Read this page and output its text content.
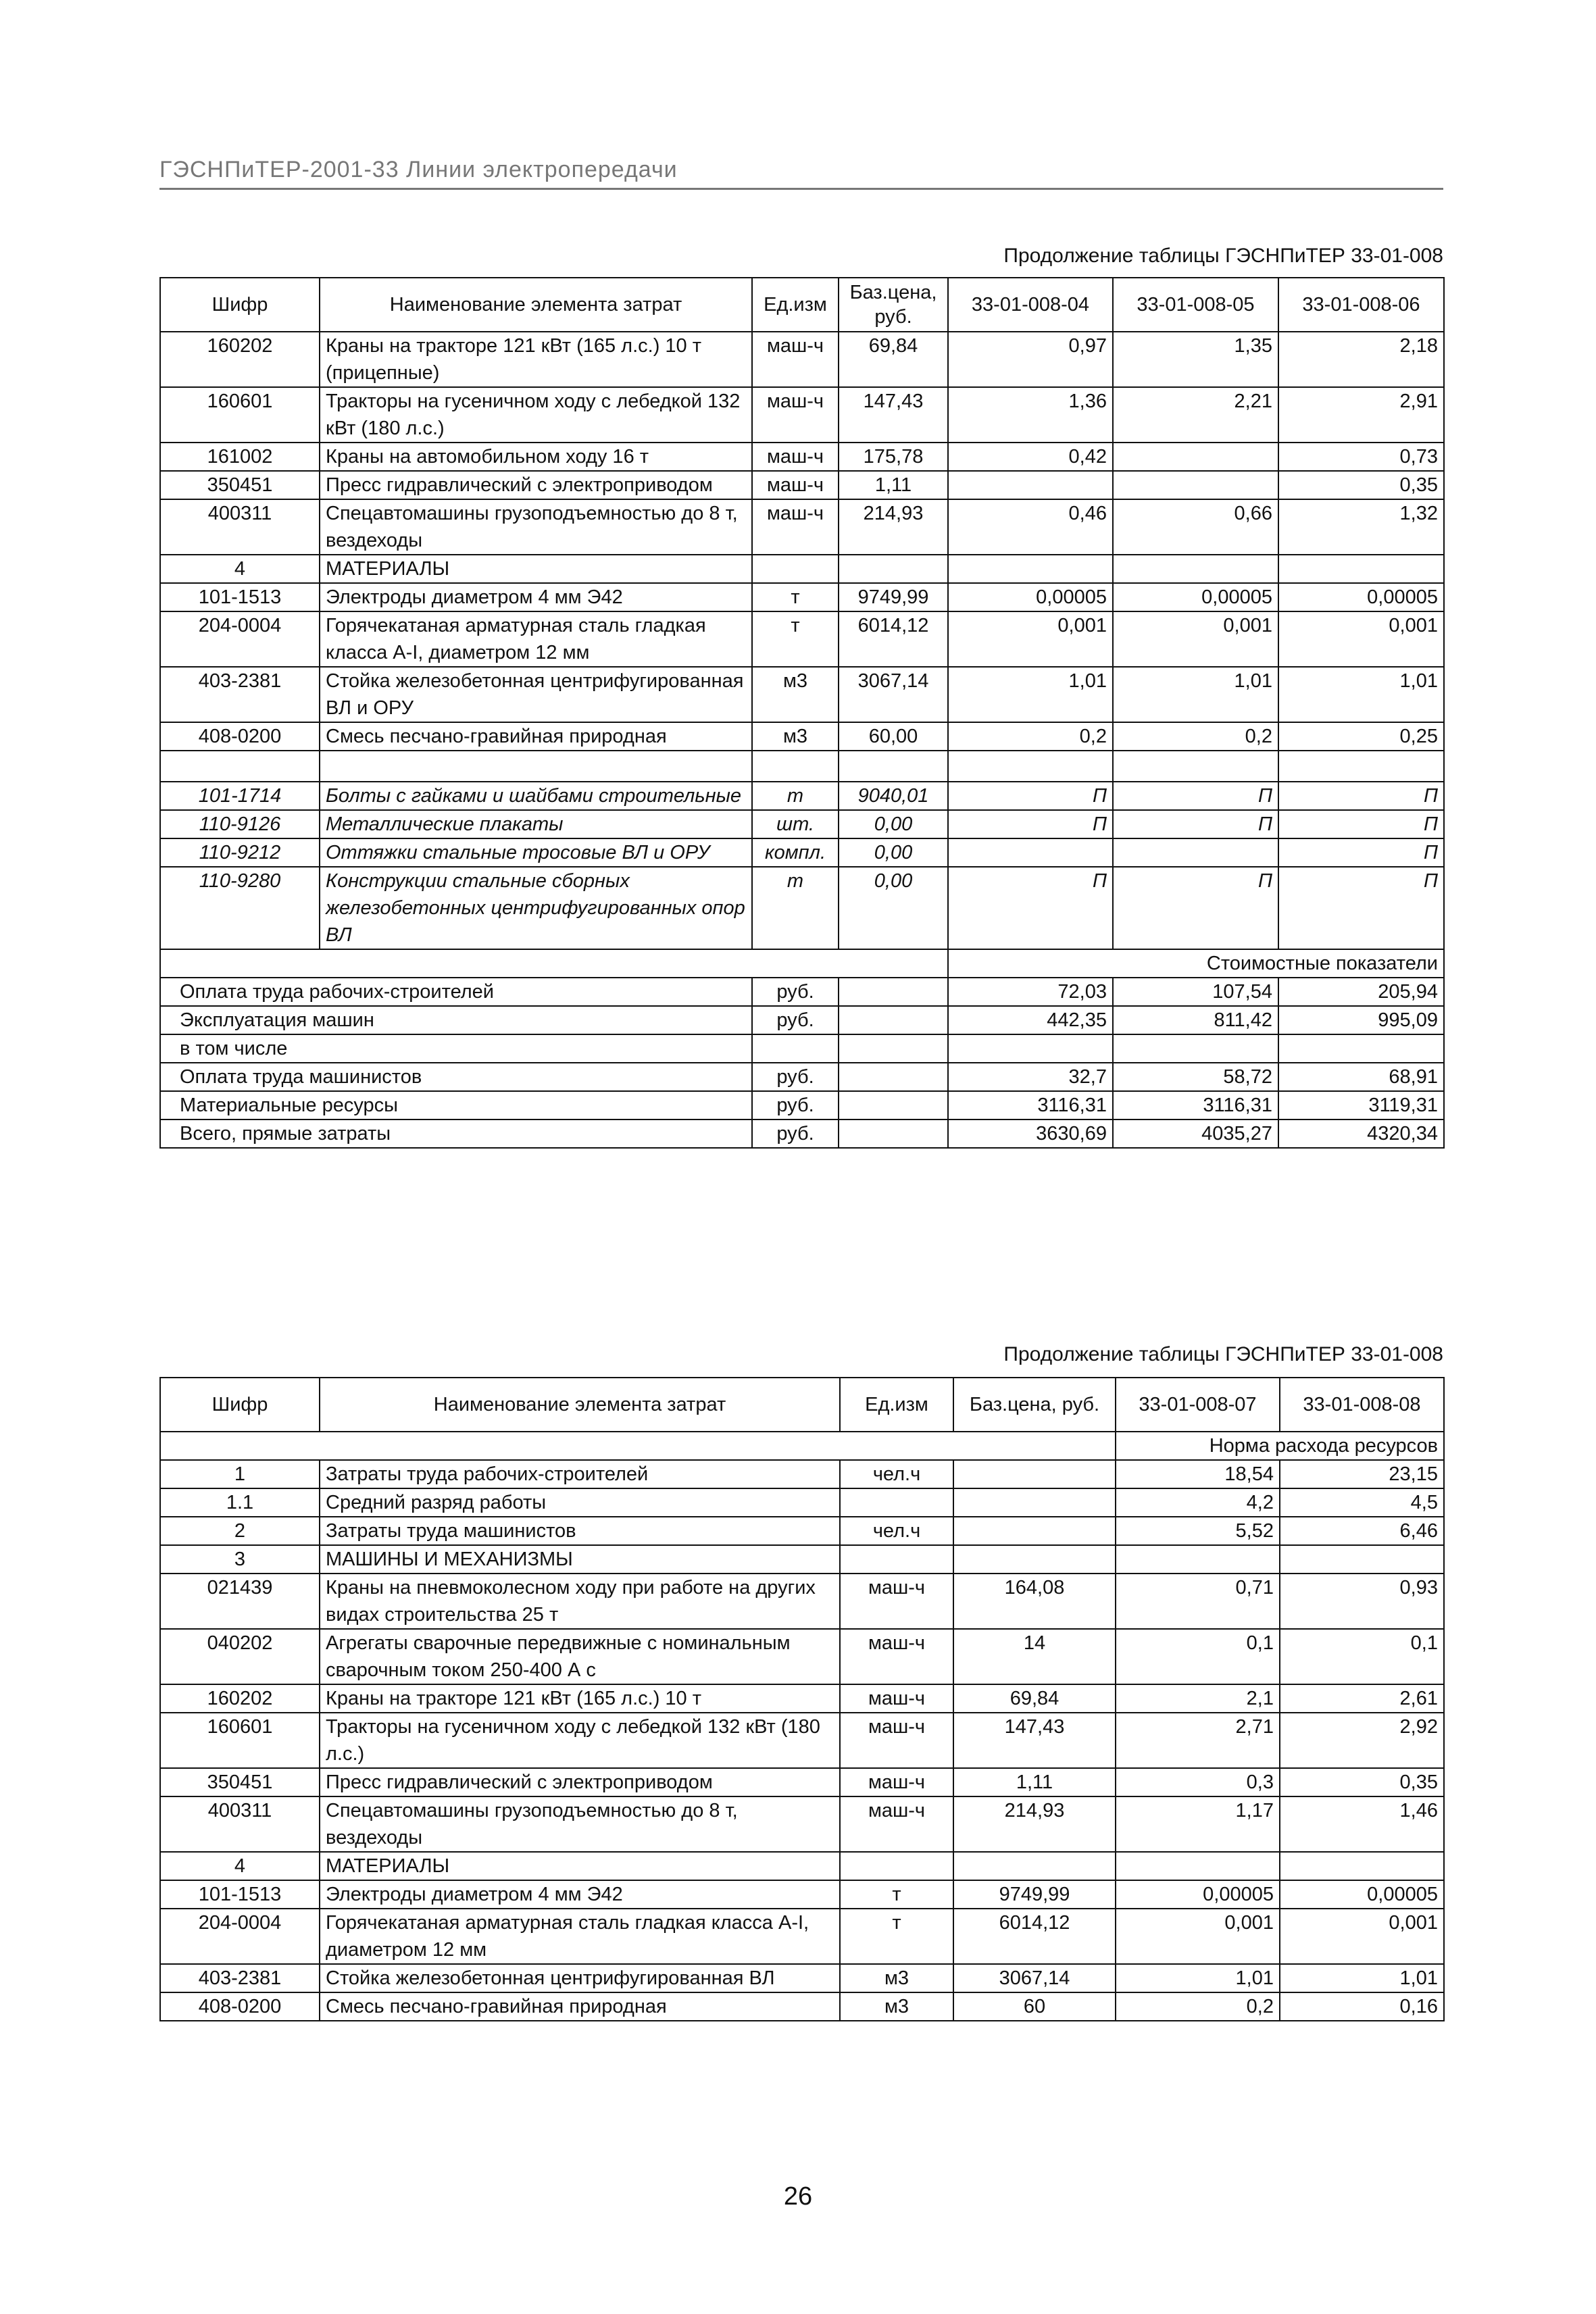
ГЭСНПиТЕР-2001-33 Линии электропередачи
Продолжение таблицы ГЭСНПиТЕР 33-01-008
Шифр	Наименование элемента затрат	Ед.изм	Баз.цена, руб.	33-01-008-04	33-01-008-05	33-01-008-06
160202	Краны на тракторе 121 кВт (165 л.с.) 10 т (прицепные)	маш-ч	69,84	0,97	1,35	2,18
160601	Тракторы на гусеничном ходу с лебедкой 132 кВт (180 л.с.)	маш-ч	147,43	1,36	2,21	2,91
161002	Краны на автомобильном ходу 16 т	маш-ч	175,78	0,42		0,73
350451	Пресс гидравлический с электроприводом	маш-ч	1,11			0,35
400311	Спецавтомашины грузоподъемностью до 8 т, вездеходы	маш-ч	214,93	0,46	0,66	1,32
4	МАТЕРИАЛЫ					
101-1513	Электроды диаметром 4 мм Э42	т	9749,99	0,00005	0,00005	0,00005
204-0004	Горячекатаная арматурная сталь гладкая класса А-I, диаметром 12 мм	т	6014,12	0,001	0,001	0,001
403-2381	Стойка железобетонная центрифугированная ВЛ и ОРУ	м3	3067,14	1,01	1,01	1,01
408-0200	Смесь песчано-гравийная природная	м3	60,00	0,2	0,2	0,25

101-1714	Болты с гайками и шайбами строительные	т	9040,01	П	П	П
110-9126	Металлические плакаты	шт.	0,00	П	П	П
110-9212	Оттяжки стальные тросовые ВЛ и ОРУ	компл.	0,00			П
110-9280	Конструкции стальные сборных железобетонных центрифугированных опор ВЛ	т	0,00	П	П	П
				Стоимостные показатели		
Оплата труда рабочих-строителей		руб.		72,03	107,54	205,94
Эксплуатация машин		руб.		442,35	811,42	995,09
в том числе						
Оплата труда машинистов		руб.		32,7	58,72	68,91
Материальные ресурсы		руб.		3116,31	3116,31	3119,31
Всего, прямые затраты		руб.		3630,69	4035,27	4320,34
Продолжение таблицы ГЭСНПиТЕР 33-01-008
Шифр	Наименование элемента затрат	Ед.изм	Баз.цена, руб.	33-01-008-07	33-01-008-08
				Норма расхода ресурсов	
1	Затраты труда рабочих-строителей	чел.ч		18,54	23,15
1.1	Средний разряд работы			4,2	4,5
2	Затраты труда машинистов	чел.ч		5,52	6,46
3	МАШИНЫ И МЕХАНИЗМЫ				
021439	Краны на пневмоколесном ходу при работе на других видах строительства 25 т	маш-ч	164,08	0,71	0,93
040202	Агрегаты сварочные передвижные с номинальным сварочным током 250-400 А с	маш-ч	14	0,1	0,1
160202	Краны на тракторе 121 кВт (165 л.с.) 10 т	маш-ч	69,84	2,1	2,61
160601	Тракторы на гусеничном ходу с лебедкой 132 кВт (180 л.с.)	маш-ч	147,43	2,71	2,92
350451	Пресс гидравлический с электроприводом	маш-ч	1,11	0,3	0,35
400311	Спецавтомашины грузоподъемностью до 8 т, вездеходы	маш-ч	214,93	1,17	1,46
4	МАТЕРИАЛЫ				
101-1513	Электроды диаметром 4 мм Э42	т	9749,99	0,00005	0,00005
204-0004	Горячекатаная арматурная сталь гладкая класса А-I, диаметром 12 мм	т	6014,12	0,001	0,001
403-2381	Стойка железобетонная центрифугированная ВЛ	м3	3067,14	1,01	1,01
408-0200	Смесь песчано-гравийная природная	м3	60	0,2	0,16
26
